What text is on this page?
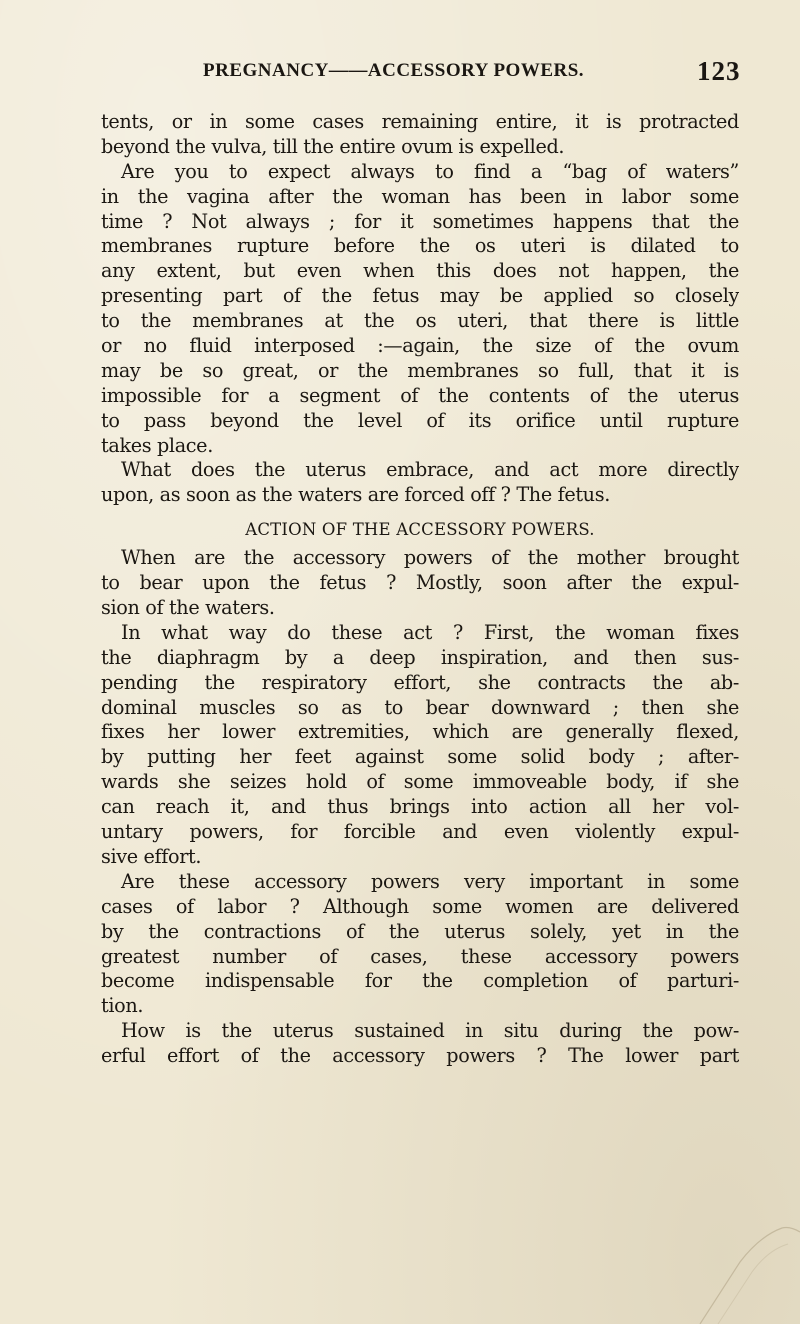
PREGNANCY——ACCESSORY POWERS.	123
tents, or in some cases remaining entire, it is protracted
beyond the vulva, till the entire ovum is expelled.
Are you to expect always to find a “bag of waters”
in the vagina after the woman has been in labor some
time ? Not always ; for it sometimes happens that the
membranes rupture before the os uteri is dilated to
any extent, but even when this does not happen, the
presenting part of the fetus may be applied so closely
to the membranes at the os uteri, that there is little
or no fluid interposed :—again, the size of the ovum
may be so great, or the membranes so full, that it is
impossible for a segment of the contents of the uterus
to pass beyond the level of its orifice until rupture
takes place.
What does the uterus embrace, and act more directly
upon, as soon as the waters are forced off ? The fetus.
ACTION OF THE ACCESSORY POWERS.
When are the accessory powers of the mother brought
to bear upon the fetus ? Mostly, soon after the expul-
sion of the waters.
In what way do these act ? First, the woman fixes
the diaphragm by a deep inspiration, and then sus-
pending the respiratory effort, she contracts the ab-
dominal muscles so as to bear downward ; then she
fixes her lower extremities, which are generally flexed,
by putting her feet against some solid body ; after-
wards she seizes hold of some immoveable body, if she
can reach it, and thus brings into action all her vol-
untary powers, for forcible and even violently expul-
sive effort.
Are these accessory powers very important in some
cases of labor ? Although some women are delivered
by the contractions of the uterus solely, yet in the
greatest number of cases, these accessory powers
become indispensable for the completion of parturi-
tion.
How is the uterus sustained in situ during the pow-
erful effort of the accessory powers ? The lower part
